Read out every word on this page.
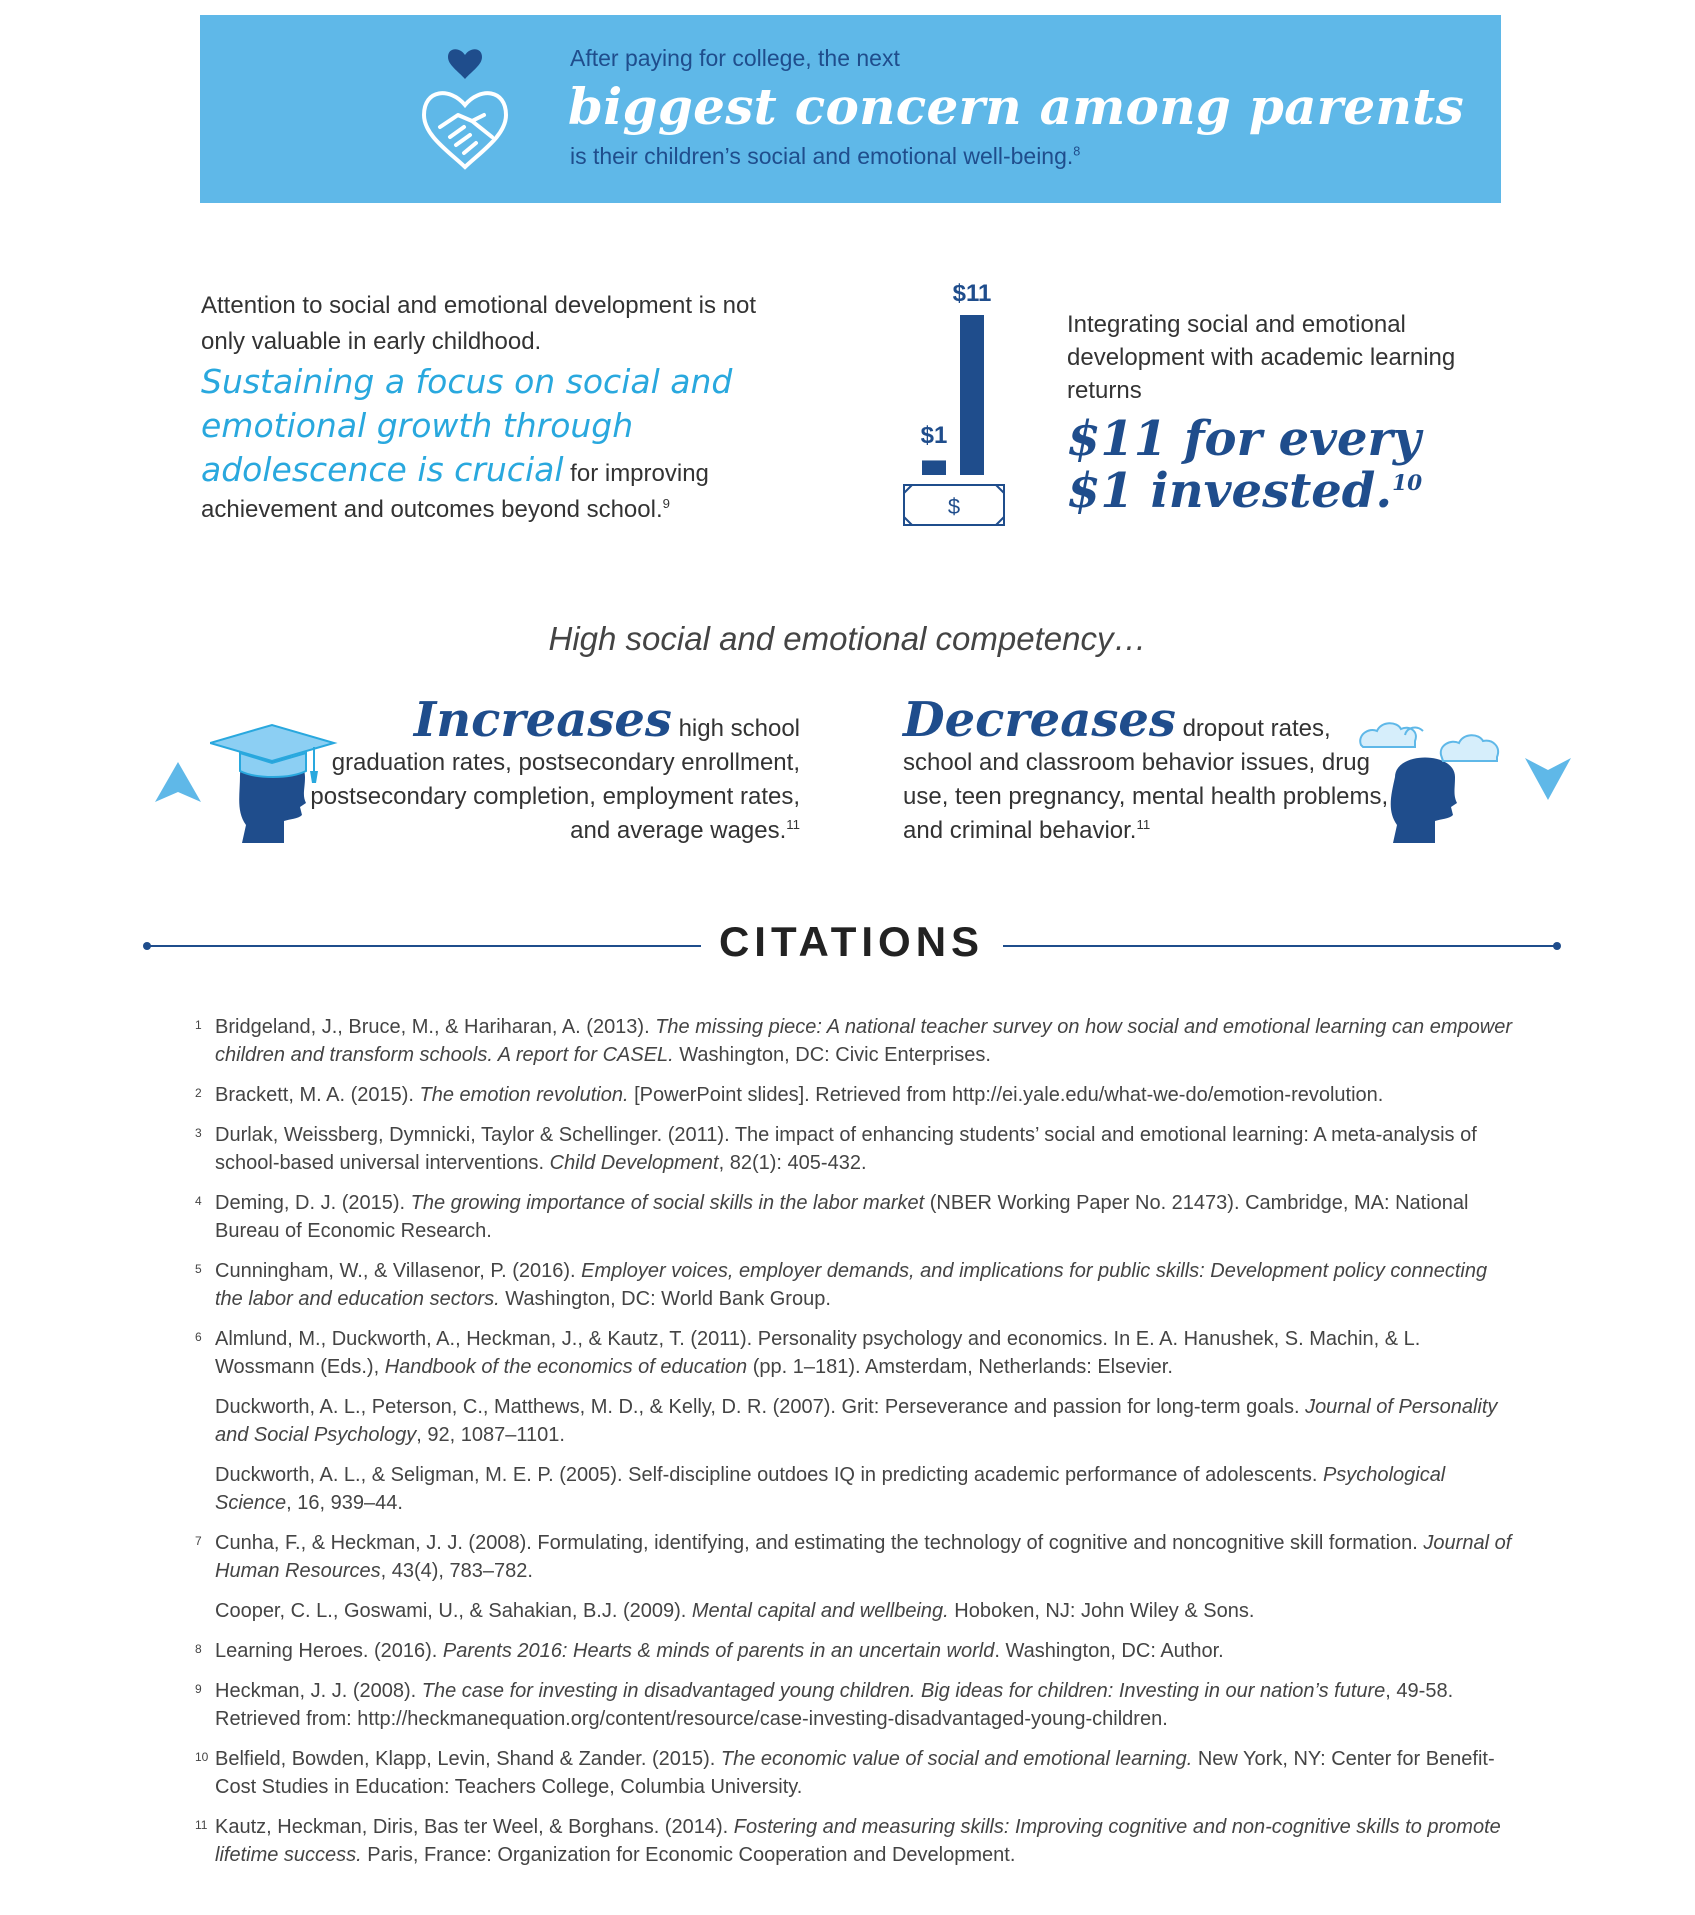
After paying for college, the next
biggest concern among parents
is their children’s social and emotional well-being.$^8$
Attention to social and emotional development is not only valuable in early childhood.
Sustaining a focus on social and emotional growth through adolescence is crucial for improving achievement and outcomes beyond school.$^9$
$11
$1
$
Integrating social and emotional development with academic learning returns
$11 for every
$1 invested.$^{10}$
High social and emotional competency…
Increases high school graduation rates, postsecondary enrollment, postsecondary completion, employment rates, and average wages.$^{11}$
Decreases dropout rates, school and classroom behavior issues, drug use, teen pregnancy, mental health problems, and criminal behavior.$^{11}$
CITATIONS
1 Bridgeland, J., Bruce, M., & Hariharan, A. (2013). The missing piece: A national teacher survey on how social and emotional learning can empower children and transform schools. A report for CASEL. Washington, DC: Civic Enterprises.
2 Brackett, M. A. (2015). The emotion revolution. [PowerPoint slides]. Retrieved from http://ei.yale.edu/what-we-do/emotion-revolution.
3 Durlak, Weissberg, Dymnicki, Taylor & Schellinger. (2011). The impact of enhancing students’ social and emotional learning: A meta-analysis of school-based universal interventions. Child Development, 82(1): 405-432.
4 Deming, D. J. (2015). The growing importance of social skills in the labor market (NBER Working Paper No. 21473). Cambridge, MA: National Bureau of Economic Research.
5 Cunningham, W., & Villasenor, P. (2016). Employer voices, employer demands, and implications for public skills: Development policy connecting the labor and education sectors. Washington, DC: World Bank Group.
6 Almlund, M., Duckworth, A., Heckman, J., & Kautz, T. (2011). Personality psychology and economics. In E. A. Hanushek, S. Machin, & L. Wossmann (Eds.), Handbook of the economics of education (pp. 1–181). Amsterdam, Netherlands: Elsevier.
Duckworth, A. L., Peterson, C., Matthews, M. D., & Kelly, D. R. (2007). Grit: Perseverance and passion for long-term goals. Journal of Personality and Social Psychology, 92, 1087–1101.
Duckworth, A. L., & Seligman, M. E. P. (2005). Self-discipline outdoes IQ in predicting academic performance of adolescents. Psychological Science, 16, 939–44.
7 Cunha, F., & Heckman, J. J. (2008). Formulating, identifying, and estimating the technology of cognitive and noncognitive skill formation. Journal of Human Resources, 43(4), 783–782.
Cooper, C. L., Goswami, U., & Sahakian, B.J. (2009). Mental capital and wellbeing. Hoboken, NJ: John Wiley & Sons.
8 Learning Heroes. (2016). Parents 2016: Hearts & minds of parents in an uncertain world. Washington, DC: Author.
9 Heckman, J. J. (2008). The case for investing in disadvantaged young children. Big ideas for children: Investing in our nation’s future, 49-58. Retrieved from: http://heckmanequation.org/content/resource/case-investing-disadvantaged-young-children.
10 Belfield, Bowden, Klapp, Levin, Shand & Zander. (2015). The economic value of social and emotional learning. New York, NY: Center for Benefit-Cost Studies in Education: Teachers College, Columbia University.
11 Kautz, Heckman, Diris, Bas ter Weel, & Borghans. (2014). Fostering and measuring skills: Improving cognitive and non-cognitive skills to promote lifetime success. Paris, France: Organization for Economic Cooperation and Development.
